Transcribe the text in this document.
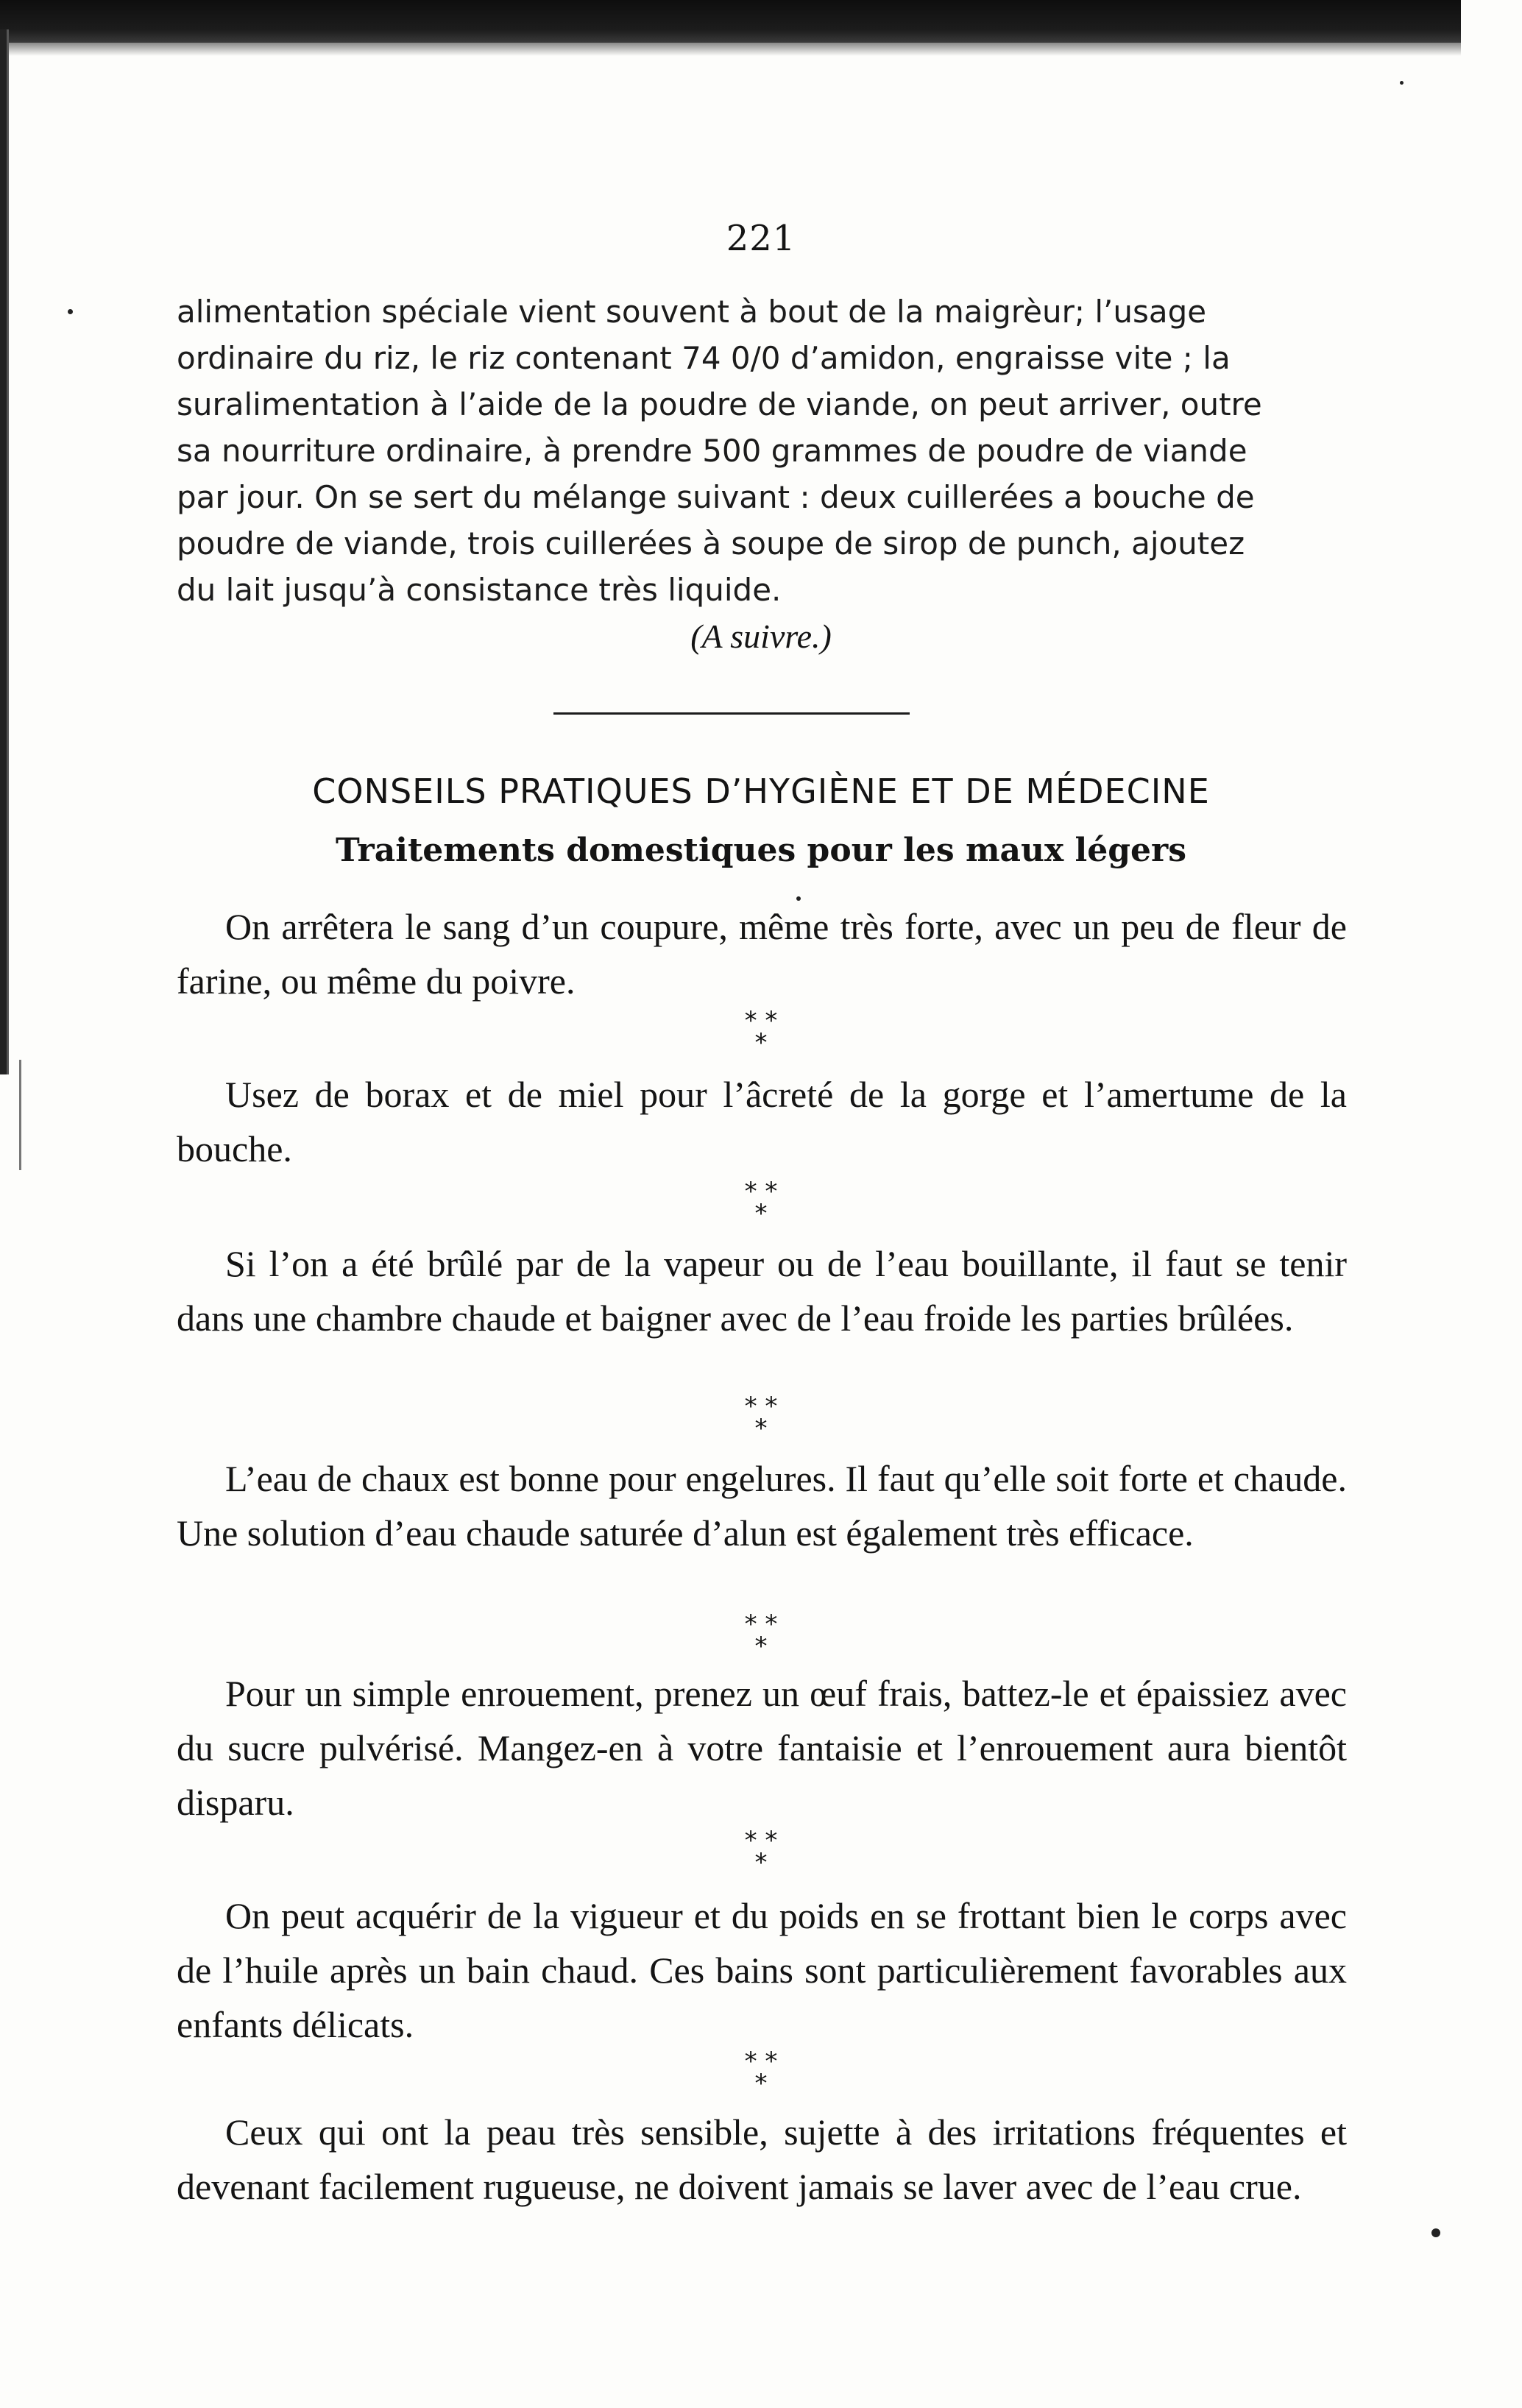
221

alimentation spéciale vient souvent à bout de la maigrèur; l’usage

ordinaire du riz, le riz contenant 74 0/0 d’amidon, engraisse vite ; la

suralimentation à l’aide de la poudre de viande, on peut arriver, outre

sa nourriture ordinaire, à prendre 500 grammes de poudre de viande

par jour. On se sert du mélange suivant : deux cuillerées a bouche de

poudre de viande, trois cuillerées à soupe de sirop de punch, ajoutez

du lait jusqu’à consistance très liquide.

(A suivre.)
CONSEILS PRATIQUES D’HYGIÈNE ET DE MÉDECINE
Traitements domestiques pour les maux légers

On arrêtera le sang d’un coupure, même très forte, avec un peu de fleur de farine, ou même du poivre.

* *
*

Usez de borax et de miel pour l’âcreté de la gorge et l’amertume de la bouche.

* *
*

Si l’on a été brûlé par de la vapeur ou de l’eau bouillante, il faut se tenir dans une chambre chaude et baigner avec de l’eau froide les parties brûlées.

* *
*

L’eau de chaux est bonne pour engelures. Il faut qu’elle soit forte et chaude. Une solution d’eau chaude saturée d’alun est également très efficace.

* *
*

Pour un simple enrouement, prenez un œuf frais, battez-le et épaissiez avec du sucre pulvérisé. Mangez-en à votre fantaisie et l’enrouement aura bientôt disparu.

* *
*

On peut acquérir de la vigueur et du poids en se frottant bien le corps avec de l’huile après un bain chaud. Ces bains sont particulièrement favorables aux enfants délicats.

* *
*

Ceux qui ont la peau très sensible, sujette à des irritations fréquentes et devenant facilement rugueuse, ne doivent jamais se laver avec de l’eau crue.
